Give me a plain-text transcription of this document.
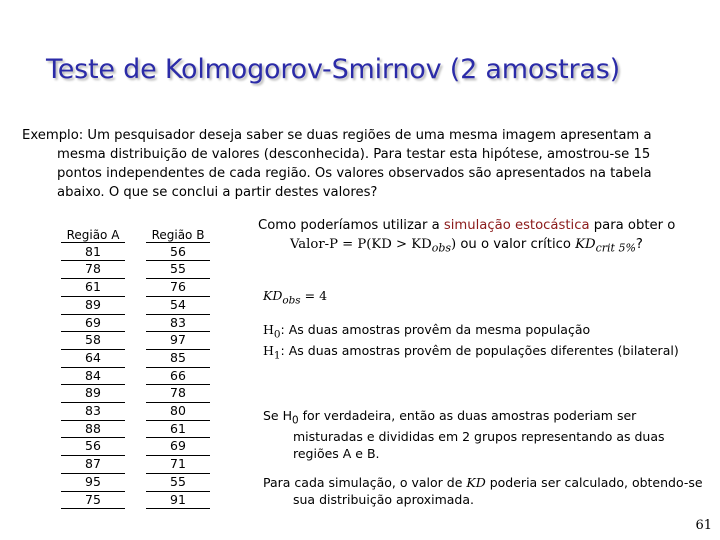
Teste de Kolmogorov-Smirnov (2 amostras)

Exemplo: Um pesquisador deseja saber se duas regiões de uma mesma imagem apresentam a mesma distribuição de valores (desconhecida). Para testar esta hipótese, amostrou-se 15 pontos independentes de cada região. Os valores observados são apresentados na tabela abaixo. O que se conclui a partir destes valores?

Região A
81
78
61
89
69
58
64
84
89
83
88
56
87
95
75
Região B
56
55
76
54
83
97
85
66
78
80
61
69
71
55
91

Como poderíamos utilizar a simulação estocástica para obter o Valor-P = $P(KD > KD_{obs})$ ou o valor crítico $KD_{crit 5\%}$?

$KD_{obs} = 4$

$H_0$: As duas amostras provêm da mesma população

$H_1$: As duas amostras provêm de populações diferentes (bilateral)

Se $H_0$ for verdadeira, então as duas amostras poderiam ser misturadas e divididas em 2 grupos representando as duas regiões A e B.

Para cada simulação, o valor de KD poderia ser calculado, obtendo-se sua distribuição aproximada.

61
